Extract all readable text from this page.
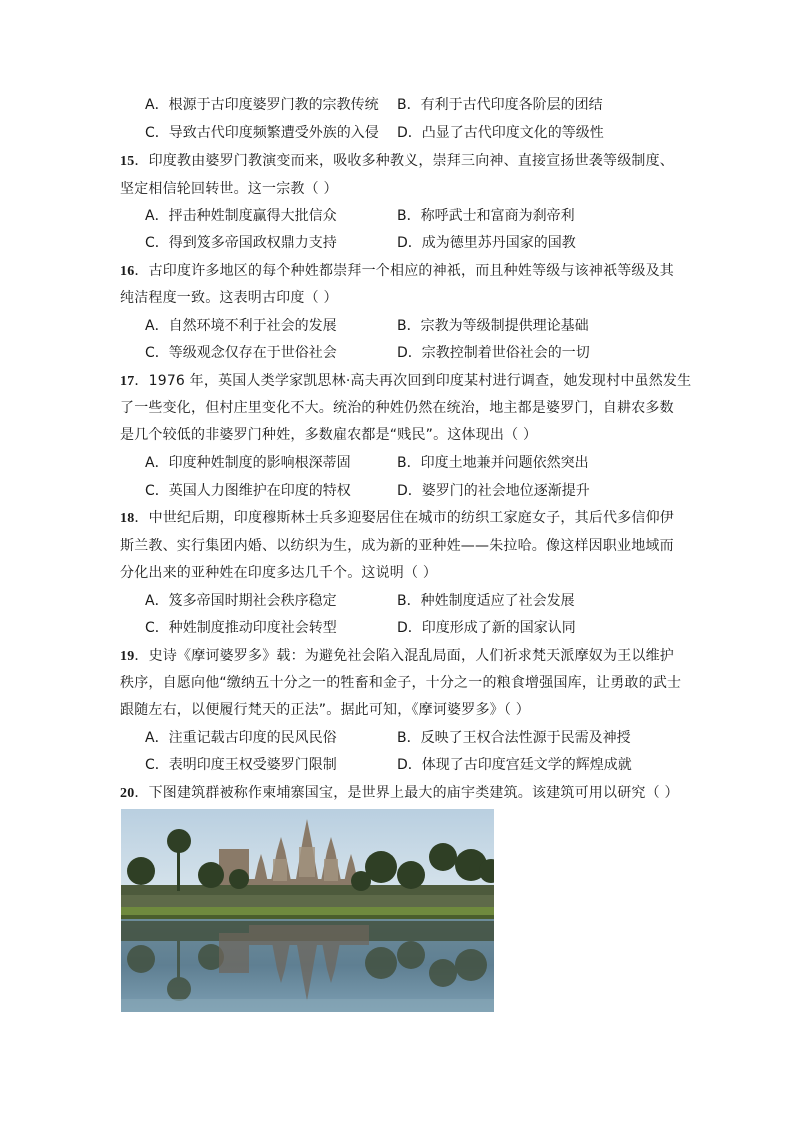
A．根源于古印度婆罗门教的宗教传统 B．有利于古代印度各阶层的团结
C．导致古代印度频繁遭受外族的入侵 D．凸显了古代印度文化的等级性
15．印度教由婆罗门教演变而来，吸收多种教义，崇拜三向神、直接宣扬世袭等级制度、
坚定相信轮回转世。这一宗教（ ）
A．抨击种姓制度赢得大批信众	B．称呼武士和富商为刹帝利
C．得到笈多帝国政权鼎力支持	D．成为德里苏丹国家的国教
16．古印度许多地区的每个种姓都崇拜一个相应的神祇，而且种姓等级与该神祇等级及其
纯洁程度一致。这表明古印度（ ）
A．自然环境不利于社会的发展	B．宗教为等级制提供理论基础
C．等级观念仅存在于世俗社会	D．宗教控制着世俗社会的一切
17．1976 年，英国人类学家凯思林·高夫再次回到印度某村进行调查，她发现村中虽然发生
了一些变化，但村庄里变化不大。统治的种姓仍然在统治，地主都是婆罗门，自耕农多数
是几个较低的非婆罗门种姓，多数雇农都是“贱民”。这体现出（ ）
A．印度种姓制度的影响根深蒂固	B．印度土地兼并问题依然突出
C．英国人力图维护在印度的特权	D．婆罗门的社会地位逐渐提升
18．中世纪后期，印度穆斯林士兵多迎娶居住在城市的纺织工家庭女子，其后代多信仰伊
斯兰教、实行集团内婚、以纺织为生，成为新的亚种姓——朱拉哈。像这样因职业地域而
分化出来的亚种姓在印度多达几千个。这说明（ ）
A．笈多帝国时期社会秩序稳定	B．种姓制度适应了社会发展
C．种姓制度推动印度社会转型	D．印度形成了新的国家认同
19．史诗《摩诃婆罗多》载：为避免社会陷入混乱局面，人们祈求梵天派摩奴为王以维护
秩序，自愿向他“缴纳五十分之一的牲畜和金子，十分之一的粮食增强国库，让勇敢的武士
跟随左右，以便履行梵天的正法”。据此可知，《摩诃婆罗多》（ ）
A．注重记载古印度的民风民俗	B．反映了王权合法性源于民需及神授
C．表明印度王权受婆罗门限制	D．体现了古印度宫廷文学的辉煌成就
20．下图建筑群被称作柬埔寨国宝，是世界上最大的庙宇类建筑。该建筑可用以研究（ ）
